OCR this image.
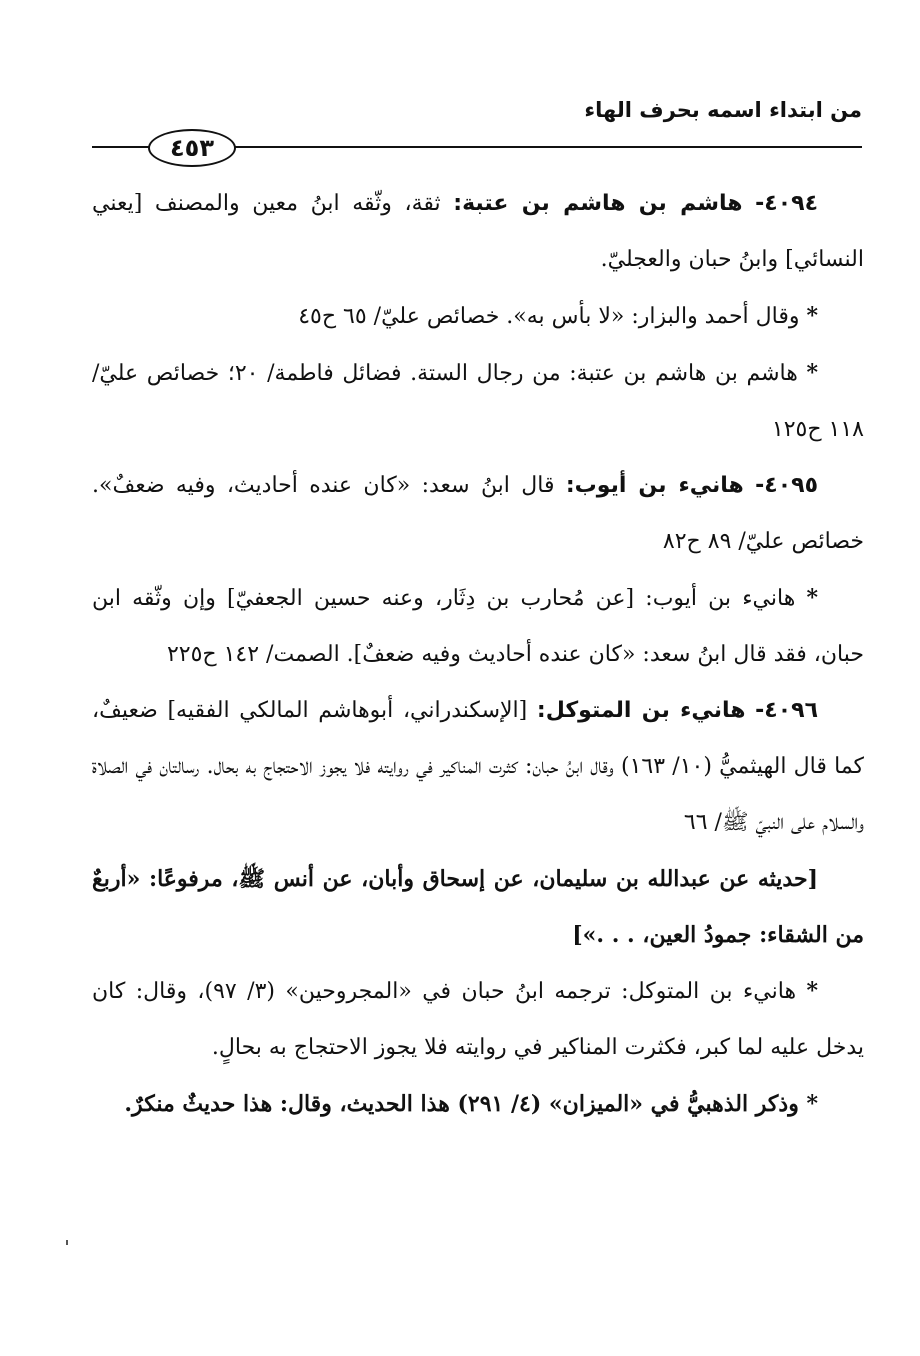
من ابتداء اسمه بحرف الهاء
٤٥٣

٤٠٩٤- هاشم بن هاشم بن عتبة: ثقة، وثّقه ابنُ معين والمصنف [يعني النسائي] وابنُ حبان والعجليّ.

* وقال أحمد والبزار: «لا بأس به». خصائص عليّ/ ٦٥ ح٤٥

* هاشم بن هاشم بن عتبة: من رجال الستة. فضائل فاطمة/ ٢٠؛ خصائص عليّ/ ١١٨ ح١٢٥

٤٠٩٥- هانيء بن أيوب: قال ابنُ سعد: «كان عنده أحاديث، وفيه ضعفٌ». خصائص عليّ/ ٨٩ ح٨٢

* هانيء بن أيوب: [عن مُحارب بن دِثَار، وعنه حسين الجعفيّ] وإن وثّقه ابن حبان، فقد قال ابنُ سعد: «كان عنده أحاديث وفيه ضعفٌ]. الصمت/ ١٤٢ ح٢٢٥

٤٠٩٦- هانيء بن المتوكل: [الإسكندراني، أبوهاشم المالكي الفقيه] ضعيفٌ، كما قال الهيثميُّ (١٠/ ١٦٣) وقال ابنُ حبان: كثرت المناكير في روايته فلا يجوز الاحتجاج به بحال. رسالتان في الصلاة والسلام على النبيّ ﷺ/ ٦٦

[حديثه عن عبدالله بن سليمان، عن إسحاق وأبان، عن أنس ﷺ، مرفوعًا: «أربعٌ من الشقاء: جمودُ العين، . . .»]

* هانيء بن المتوكل: ترجمه ابنُ حبان في «المجروحين» (٣/ ٩٧)، وقال: كان يدخل عليه لما كبر، فكثرت المناكير في روايته فلا يجوز الاحتجاج به بحالٍ.

* وذكر الذهبيُّ في «الميزان» (٤/ ٢٩١) هذا الحديث، وقال: هذا حديثٌ منكرٌ.
